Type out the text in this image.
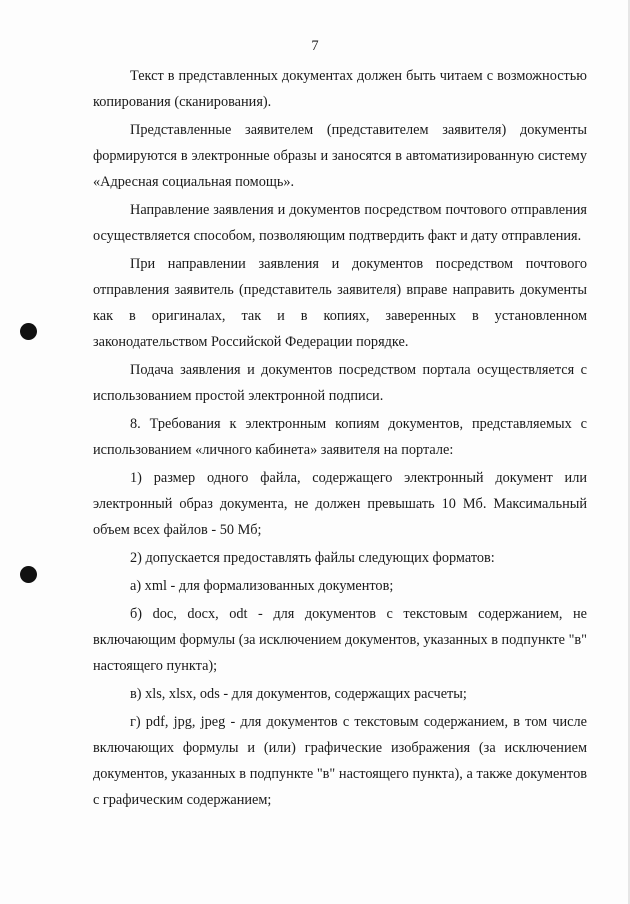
7

Текст в представленных документах должен быть читаем с возможностью копирования (сканирования).

Представленные заявителем (представителем заявителя) документы формируются в электронные образы и заносятся в автоматизированную систему «Адресная социальная помощь».

Направление заявления и документов посредством почтового отправления осуществляется способом, позволяющим подтвердить факт и дату отправления.

При направлении заявления и документов посредством почтового отправления заявитель (представитель заявителя) вправе направить документы как в оригиналах, так и в копиях, заверенных в установленном законодательством Российской Федерации порядке.

Подача заявления и документов посредством портала осуществляется с использованием простой электронной подписи.

8. Требования к электронным копиям документов, представляемых с использованием «личного кабинета» заявителя на портале:

1) размер одного файла, содержащего электронный документ или электронный образ документа, не должен превышать 10 Мб. Максимальный объем всех файлов - 50 Мб;

2) допускается предоставлять файлы следующих форматов:

а) xml - для формализованных документов;

б) doc, docx, odt - для документов с текстовым содержанием, не включающим формулы (за исключением документов, указанных в подпункте "в" настоящего пункта);

в) xls, xlsx, ods - для документов, содержащих расчеты;

г) pdf, jpg, jpeg - для документов с текстовым содержанием, в том числе включающих формулы и (или) графические изображения (за исключением документов, указанных в подпункте "в" настоящего пункта), а также документов с графическим содержанием;
